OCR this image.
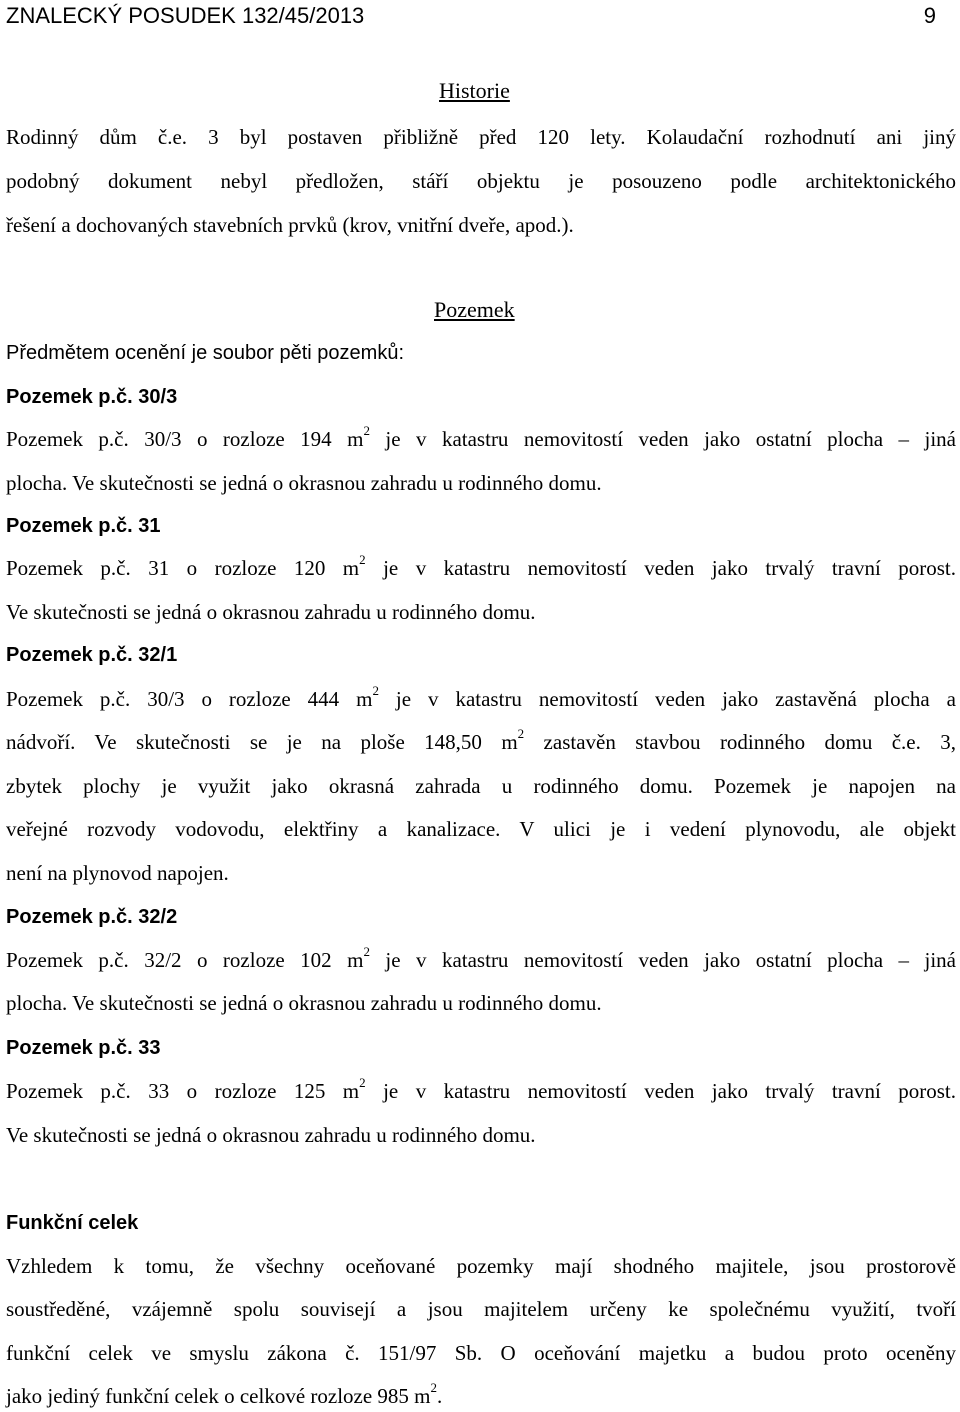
ZNALECKÝ POSUDEK 132/45/2013	9
Historie
Rodinný dům č.e. 3 byl postaven přibližně před 120 lety. Kolaudační rozhodnutí ani jiný
podobný dokument nebyl předložen, stáří objektu je posouzeno podle architektonického
řešení a dochovaných stavebních prvků (krov, vnitřní dveře, apod.).
Pozemek
Předmětem ocenění je soubor pěti pozemků:
Pozemek p.č. 30/3
Pozemek p.č. 30/3 o rozloze 194 $m^2$ je v katastru nemovitostí veden jako ostatní plocha – jiná
plocha. Ve skutečnosti se jedná o okrasnou zahradu u rodinného domu.
Pozemek p.č. 31
Pozemek p.č. 31 o rozloze 120 $m^2$ je v katastru nemovitostí veden jako trvalý travní porost.
Ve skutečnosti se jedná o okrasnou zahradu u rodinného domu.
Pozemek p.č. 32/1
Pozemek p.č. 30/3 o rozloze 444 $m^2$ je v katastru nemovitostí veden jako zastavěná plocha a
nádvoří. Ve skutečnosti se je na ploše 148,50 $m^2$ zastavěn stavbou rodinného domu č.e. 3,
zbytek plochy je využit jako okrasná zahrada u rodinného domu. Pozemek je napojen na
veřejné rozvody vodovodu, elektřiny a kanalizace. V ulici je i vedení plynovodu, ale objekt
není na plynovod napojen.
Pozemek p.č. 32/2
Pozemek p.č. 32/2 o rozloze 102 $m^2$ je v katastru nemovitostí veden jako ostatní plocha – jiná
plocha. Ve skutečnosti se jedná o okrasnou zahradu u rodinného domu.
Pozemek p.č. 33
Pozemek p.č. 33 o rozloze 125 $m^2$ je v katastru nemovitostí veden jako trvalý travní porost.
Ve skutečnosti se jedná o okrasnou zahradu u rodinného domu.
Funkční celek
Vzhledem k tomu, že všechny oceňované pozemky mají shodného majitele, jsou prostorově
soustředěné, vzájemně spolu souvisejí a jsou majitelem určeny ke společnému využití, tvoří
funkční celek ve smyslu zákona č. 151/97 Sb. O oceňování majetku a budou proto oceněny
jako jediný funkční celek o celkové rozloze 985 $m^2$.
